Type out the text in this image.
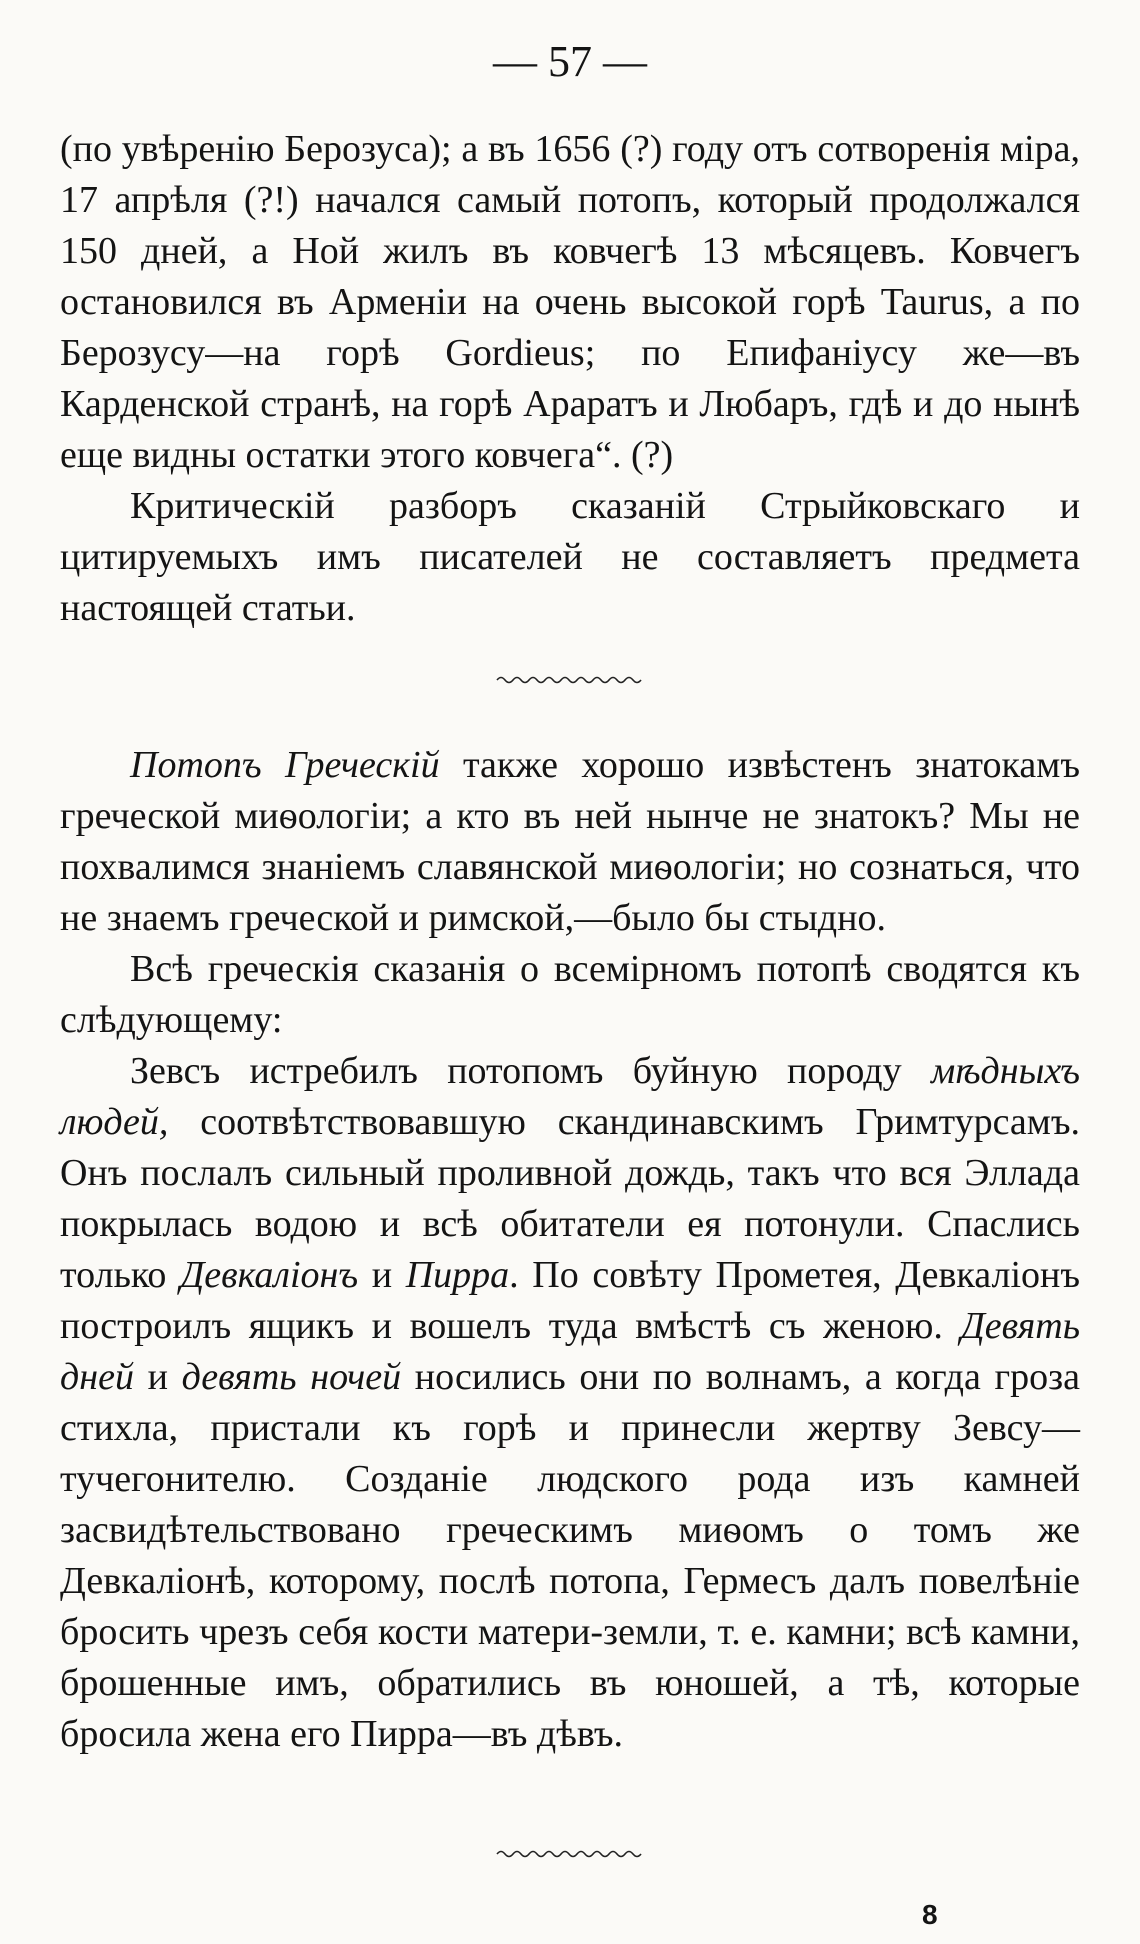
— 57 —

(по увѣренію Берозуса); а въ 1656 (?) году отъ сотворенія міра, 17 апрѣля (?!) начался самый потопъ, который продолжался 150 дней, а Ной жилъ въ ковчегѣ 13 мѣсяцевъ. Ковчегъ остановился въ Арменіи на очень высокой горѣ Taurus, а по Берозусу—на горѣ Gordieus; по Епифаніусу же—въ Карденской странѣ, на горѣ Араратъ и Любаръ, гдѣ и до нынѣ еще видны остатки этого ковчега“. (?)

Критическій разборъ сказаній Стрыйковскаго и цитируемыхъ имъ писателей не составляетъ предмета настоящей статьи.

Потопъ Греческій также хорошо извѣстенъ знатокамъ греческой миѳологіи; а кто въ ней нынче не знатокъ? Мы не похвалимся знаніемъ славянской миѳологіи; но сознаться, что не знаемъ греческой и римской,—было бы стыдно.

Всѣ греческія сказанія о всемірномъ потопѣ сводятся къ слѣдующему:

Зевсъ истребилъ потопомъ буйную породу мѣдныхъ людей, соотвѣтствовавшую скандинавскимъ Гримтурсамъ. Онъ послалъ сильный проливной дождь, такъ что вся Эллада покрылась водою и всѣ обитатели ея потонули. Спаслись только Девкаліонъ и Пирра. По совѣту Прометея, Девкаліонъ построилъ ящикъ и вошелъ туда вмѣстѣ съ женою. Девять дней и девять ночей носились они по волнамъ, а когда гроза стихла, пристали къ горѣ и принесли жертву Зевсу—тучегонителю. Созданіе людского рода изъ камней засвидѣтельствовано греческимъ миѳомъ о томъ же Девкаліонѣ, которому, послѣ потопа, Гермесъ далъ повелѣніе бросить чрезъ себя кости матери-земли, т. е. камни; всѣ камни, брошенные имъ, обратились въ юношей, а тѣ, которые бросила жена его Пирра—въ дѣвъ.

8
